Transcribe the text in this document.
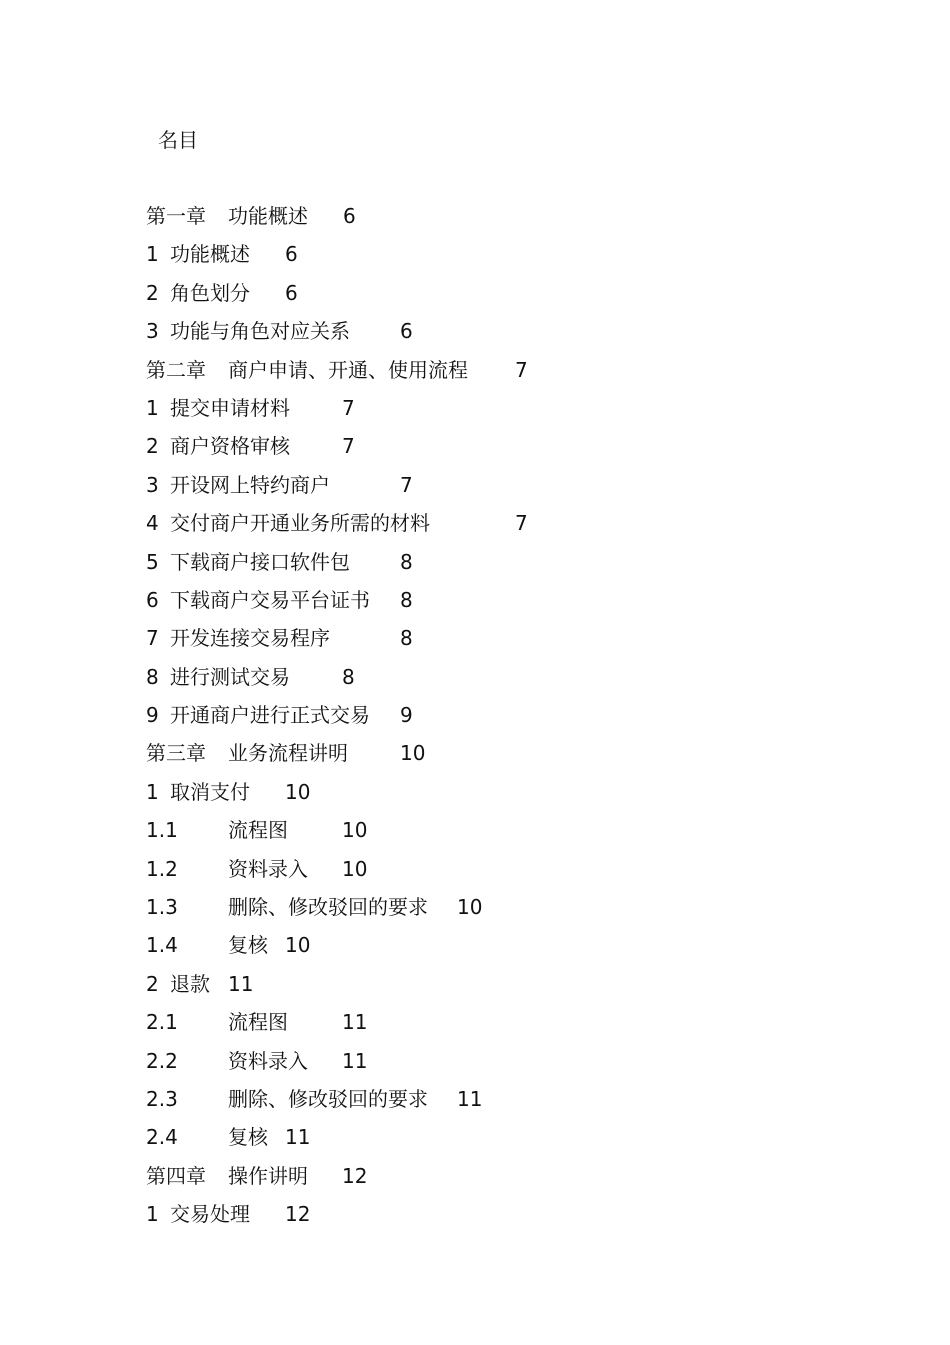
名目
第一章 功能概述 6
1 功能概述 6
2 角色划分 6
3 功能与角色对应关系	6
第二章 商户申请、开通、使用流程 7
1 提交申请材料	7
2 商户资格审核	7
3 开设网上特约商户	7
4 交付商户开通业务所需的材料	7
5 下载商户接口软件包	8
6 下载商户交易平台证书 8
7 开发连接交易程序	8
8 进行测试交易	8
9 开通商户进行正式交易 9
第三章 业务流程讲明	10
1 取消支付 10
1.1	流程图	10
1.2	资料录入 10
1.3	删除、修改驳回的要求 10
1.4	复核 10
2 退款 11
2.1	流程图	11
2.2	资料录入 11
2.3	删除、修改驳回的要求 11
2.4	复核 11
第四章 操作讲明 12
1 交易处理 12
